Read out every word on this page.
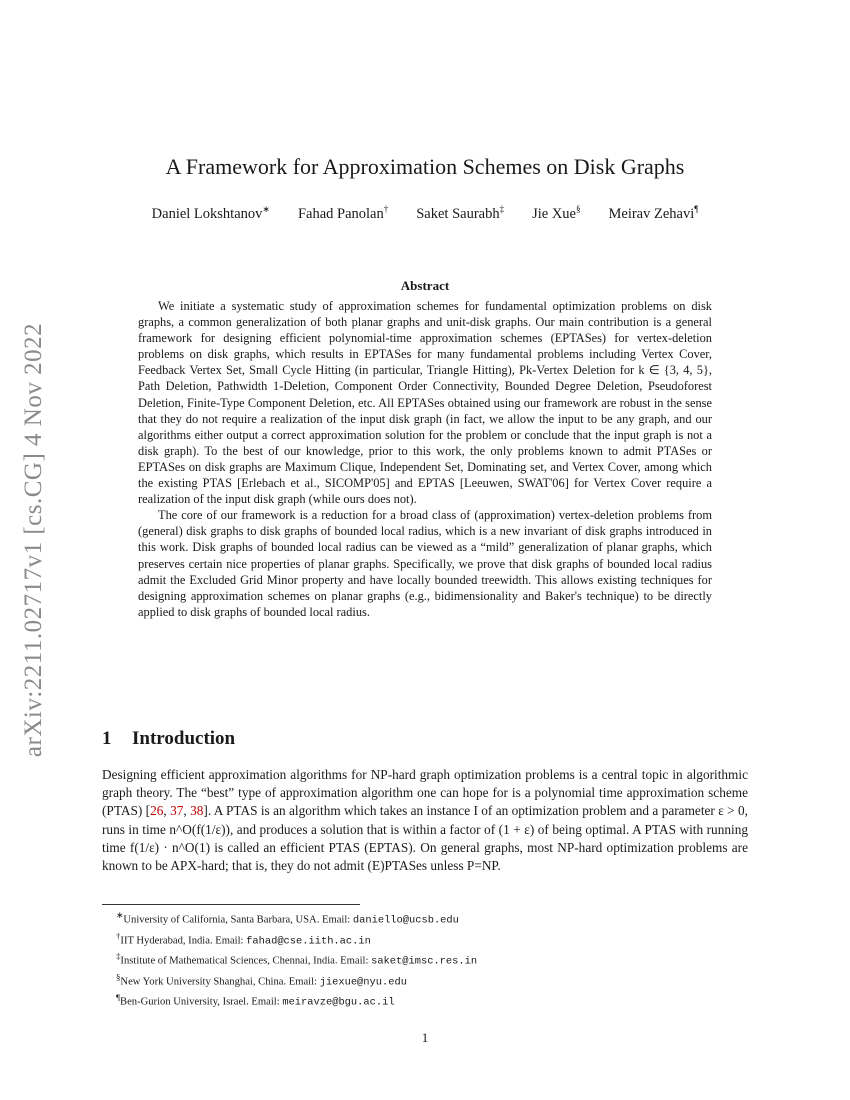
arXiv:2211.02717v1 [cs.CG] 4 Nov 2022
A Framework for Approximation Schemes on Disk Graphs
Daniel Lokshtanov∗ Fahad Panolan† Saket Saurabh‡ Jie Xue§ Meirav Zehavi¶
Abstract

We initiate a systematic study of approximation schemes for fundamental optimization problems on disk graphs, a common generalization of both planar graphs and unit-disk graphs. Our main contribution is a general framework for designing efficient polynomial-time approximation schemes (EPTASes) for vertex-deletion problems on disk graphs, which results in EPTASes for many fundamental problems including Vertex Cover, Feedback Vertex Set, Small Cycle Hitting (in particular, Triangle Hitting), Pk-Vertex Deletion for k ∈ {3, 4, 5}, Path Deletion, Pathwidth 1-Deletion, Component Order Connectivity, Bounded Degree Deletion, Pseudoforest Deletion, Finite-Type Component Deletion, etc. All EPTASes obtained using our framework are robust in the sense that they do not require a realization of the input disk graph (in fact, we allow the input to be any graph, and our algorithms either output a correct approximation solution for the problem or conclude that the input graph is not a disk graph). To the best of our knowledge, prior to this work, the only problems known to admit PTASes or EPTASes on disk graphs are Maximum Clique, Independent Set, Dominating set, and Vertex Cover, among which the existing PTAS [Erlebach et al., SICOMP'05] and EPTAS [Leeuwen, SWAT'06] for Vertex Cover require a realization of the input disk graph (while ours does not).

The core of our framework is a reduction for a broad class of (approximation) vertex-deletion problems from (general) disk graphs to disk graphs of bounded local radius, which is a new invariant of disk graphs introduced in this work. Disk graphs of bounded local radius can be viewed as a “mild” generalization of planar graphs, which preserves certain nice properties of planar graphs. Specifically, we prove that disk graphs of bounded local radius admit the Excluded Grid Minor property and have locally bounded treewidth. This allows existing techniques for designing approximation schemes on planar graphs (e.g., bidimensionality and Baker's technique) to be directly applied to disk graphs of bounded local radius.

1 Introduction

Designing efficient approximation algorithms for NP-hard graph optimization problems is a central topic in algorithmic graph theory. The “best” type of approximation algorithm one can hope for is a polynomial time approximation scheme (PTAS) [26, 37, 38]. A PTAS is an algorithm which takes an instance I of an optimization problem and a parameter ε > 0, runs in time n^O(f(1/ε)), and produces a solution that is within a factor of (1 + ε) of being optimal. A PTAS with running time f(1/ε) · n^O(1) is called an efficient PTAS (EPTAS). On general graphs, most NP-hard optimization problems are known to be APX-hard; that is, they do not admit (E)PTASes unless P=NP.

∗University of California, Santa Barbara, USA. Email: daniello@ucsb.edu
†IIT Hyderabad, India. Email: fahad@cse.iith.ac.in
‡Institute of Mathematical Sciences, Chennai, India. Email: saket@imsc.res.in
§New York University Shanghai, China. Email: jiexue@nyu.edu
¶Ben-Gurion University, Israel. Email: meiravze@bgu.ac.il
1
